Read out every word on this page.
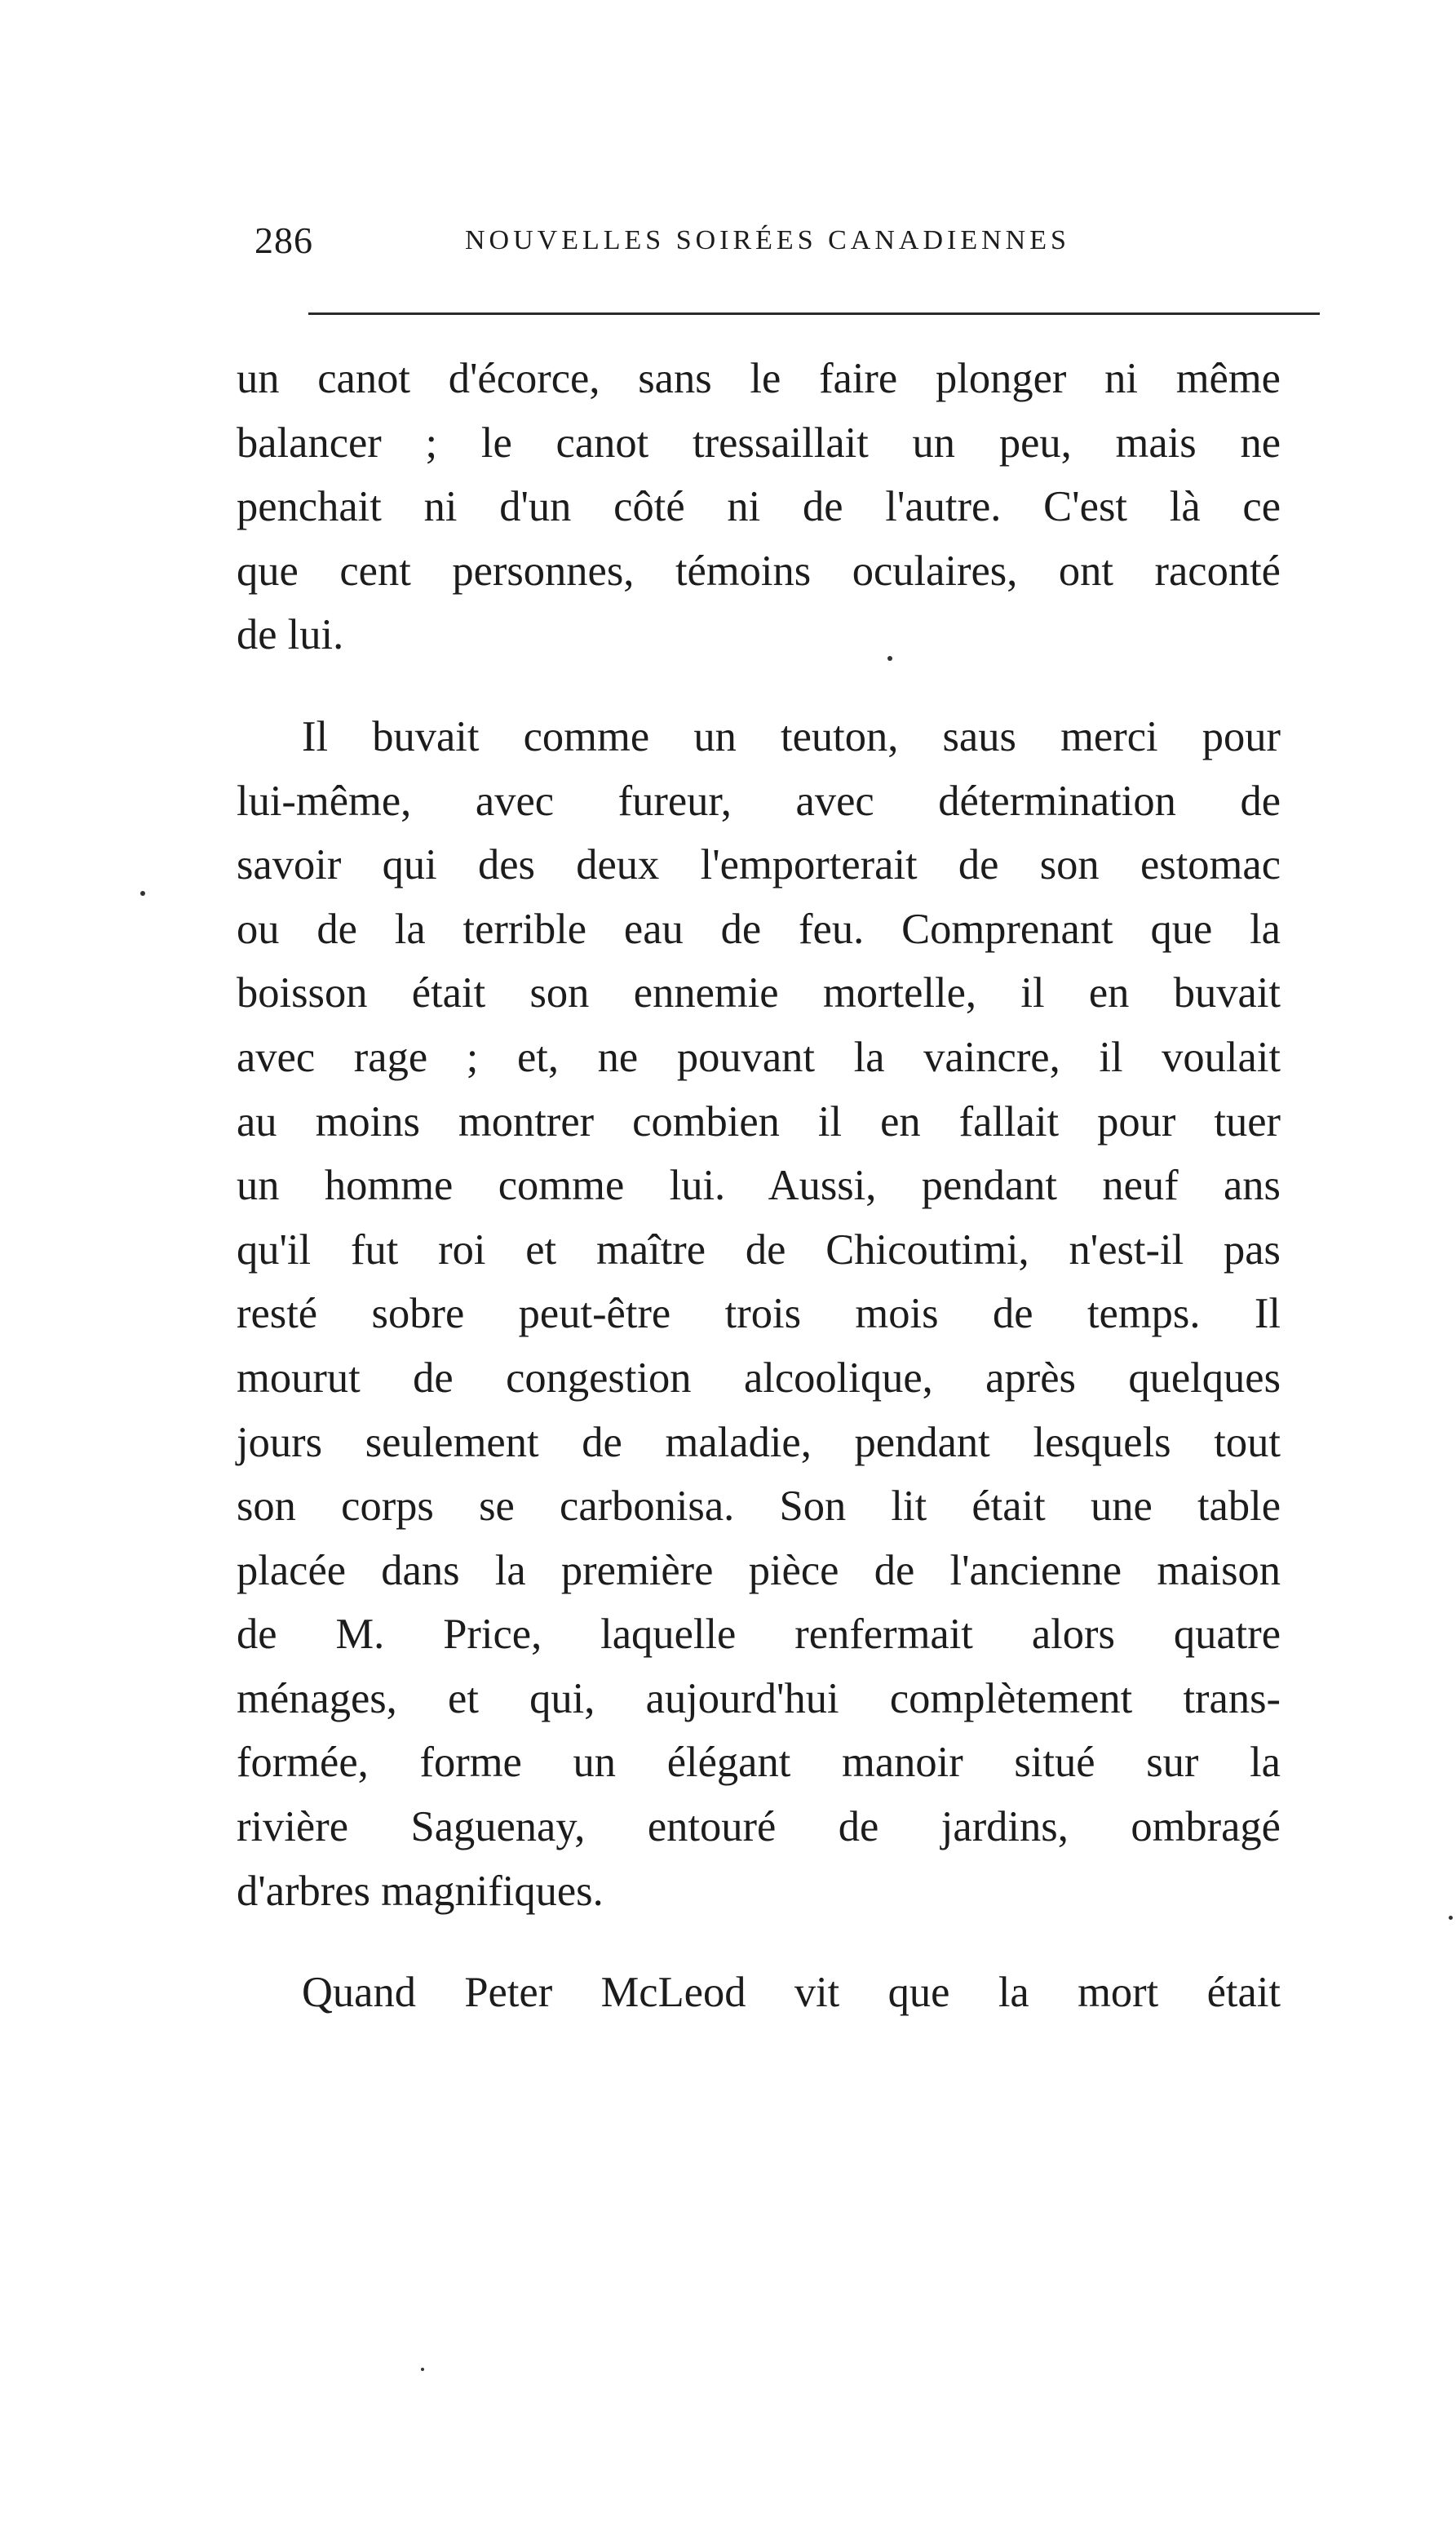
286	NOUVELLES SOIRÉES CANADIENNES
un canot d'écorce, sans le faire plonger ni même
balancer ; le canot tressaillait un peu, mais ne
penchait ni d'un côté ni de l'autre. C'est là ce
que cent personnes, témoins oculaires, ont raconté
de lui.
Il buvait comme un teuton, saus merci pour
lui-même, avec fureur, avec détermination de
savoir qui des deux l'emporterait de son estomac
ou de la terrible eau de feu. Comprenant que la
boisson était son ennemie mortelle, il en buvait
avec rage ; et, ne pouvant la vaincre, il voulait
au moins montrer combien il en fallait pour tuer
un homme comme lui. Aussi, pendant neuf ans
qu'il fut roi et maître de Chicoutimi, n'est-il pas
resté sobre peut-être trois mois de temps. Il
mourut de congestion alcoolique, après quelques
jours seulement de maladie, pendant lesquels tout
son corps se carbonisa. Son lit était une table
placée dans la première pièce de l'ancienne maison
de M. Price, laquelle renfermait alors quatre
ménages, et qui, aujourd'hui complètement trans-
formée, forme un élégant manoir situé sur la
rivière Saguenay, entouré de jardins, ombragé
d'arbres magnifiques.
Quand Peter McLeod vit que la mort était
